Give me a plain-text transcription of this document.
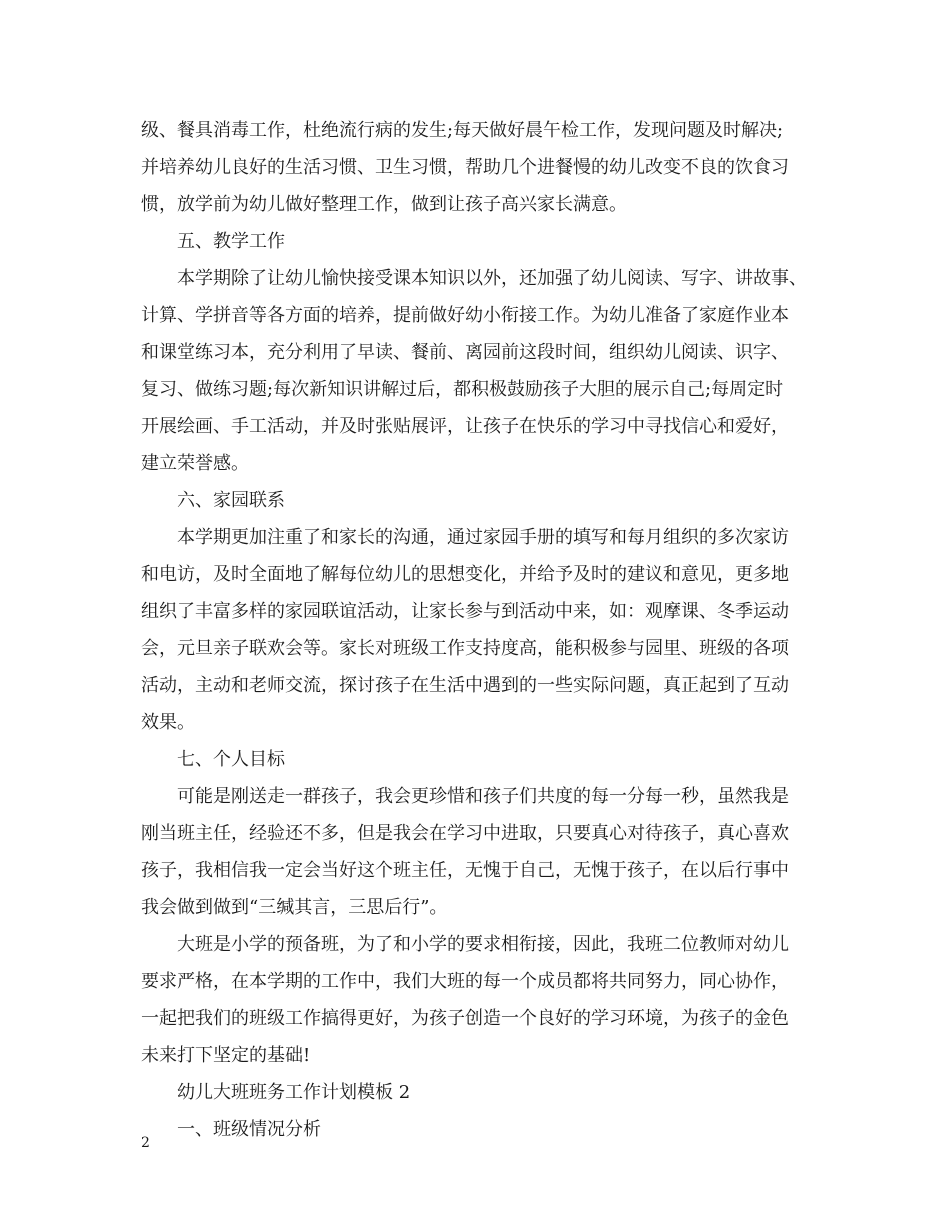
级、餐具消毒工作，杜绝流行病的发生;每天做好晨午检工作，发现问题及时解决;
并培养幼儿良好的生活习惯、卫生习惯，帮助几个进餐慢的幼儿改变不良的饮食习
惯，放学前为幼儿做好整理工作，做到让孩子高兴家长满意。
五、教学工作
本学期除了让幼儿愉快接受课本知识以外，还加强了幼儿阅读、写字、讲故事、
计算、学拼音等各方面的培养，提前做好幼小衔接工作。为幼儿准备了家庭作业本
和课堂练习本，充分利用了早读、餐前、离园前这段时间，组织幼儿阅读、识字、
复习、做练习题;每次新知识讲解过后，都积极鼓励孩子大胆的展示自己;每周定时
开展绘画、手工活动，并及时张贴展评，让孩子在快乐的学习中寻找信心和爱好，
建立荣誉感。
六、家园联系
本学期更加注重了和家长的沟通，通过家园手册的填写和每月组织的多次家访
和电访，及时全面地了解每位幼儿的思想变化，并给予及时的建议和意见，更多地
组织了丰富多样的家园联谊活动，让家长参与到活动中来，如：观摩课、冬季运动
会，元旦亲子联欢会等。家长对班级工作支持度高，能积极参与园里、班级的各项
活动，主动和老师交流，探讨孩子在生活中遇到的一些实际问题，真正起到了互动
效果。
七、个人目标
可能是刚送走一群孩子，我会更珍惜和孩子们共度的每一分每一秒，虽然我是
刚当班主任，经验还不多，但是我会在学习中进取，只要真心对待孩子，真心喜欢
孩子，我相信我一定会当好这个班主任，无愧于自己，无愧于孩子，在以后行事中
我会做到做到“三缄其言，三思后行”。
大班是小学的预备班，为了和小学的要求相衔接，因此，我班二位教师对幼儿
要求严格，在本学期的工作中，我们大班的每一个成员都将共同努力，同心协作，
一起把我们的班级工作搞得更好，为孩子创造一个良好的学习环境，为孩子的金色
未来打下坚定的基础!
幼儿大班班务工作计划模板 2
一、班级情况分析
2
